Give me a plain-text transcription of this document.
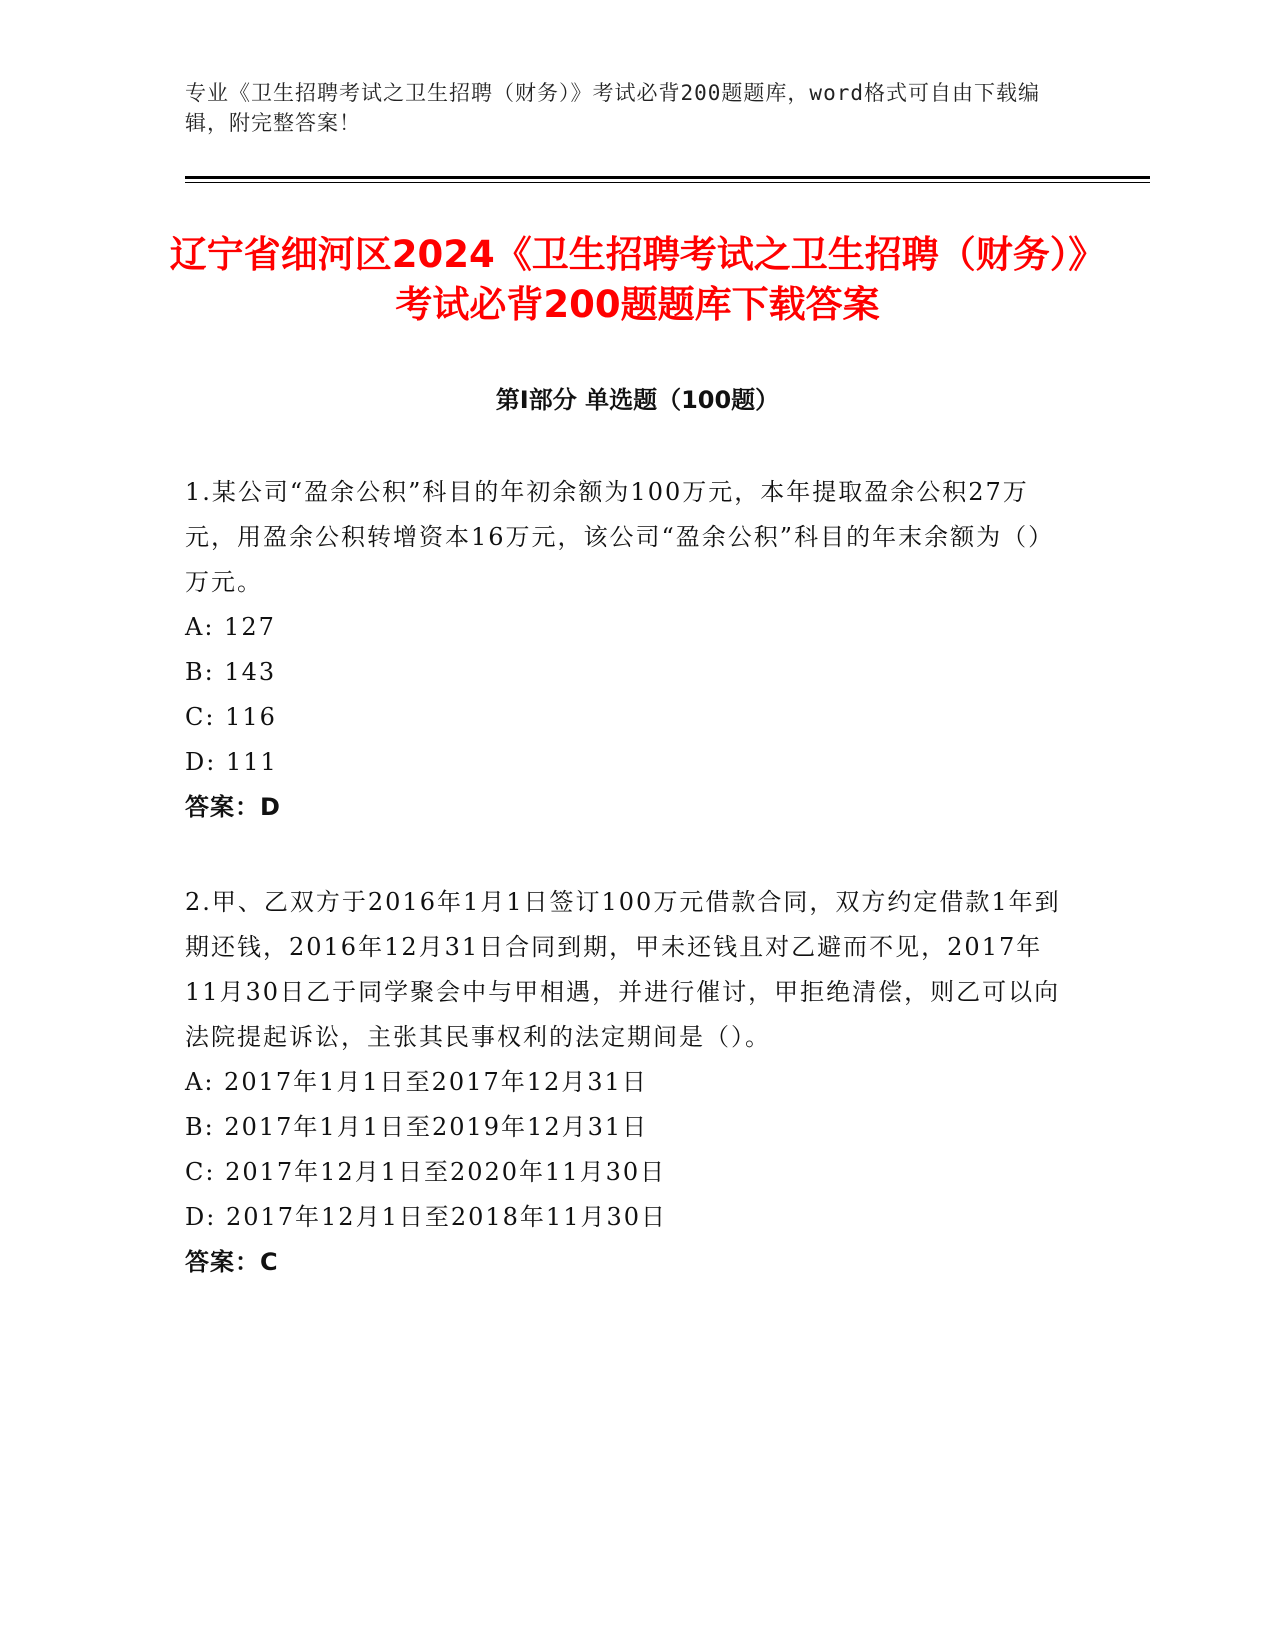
专业《卫生招聘考试之卫生招聘（财务）》考试必背200题题库，word格式可自由下载编辑，附完整答案！
辽宁省细河区2024《卫生招聘考试之卫生招聘（财务）》考试必背200题题库下载答案
第Ⅰ部分 单选题（100题）

1.某公司“盈余公积”科目的年初余额为100万元，本年提取盈余公积27万元，用盈余公积转增资本16万元，该公司“盈余公积”科目的年末余额为（）万元。

A: 127

B: 143

C: 116

D: 111

答案：D

2.甲、乙双方于2016年1月1日签订100万元借款合同，双方约定借款1年到期还钱，2016年12月31日合同到期，甲未还钱且对乙避而不见，2017年11月30日乙于同学聚会中与甲相遇，并进行催讨，甲拒绝清偿，则乙可以向法院提起诉讼，主张其民事权利的法定期间是（）。

A: 2017年1月1日至2017年12月31日

B: 2017年1月1日至2019年12月31日

C: 2017年12月1日至2020年11月30日

D: 2017年12月1日至2018年11月30日

答案：C
